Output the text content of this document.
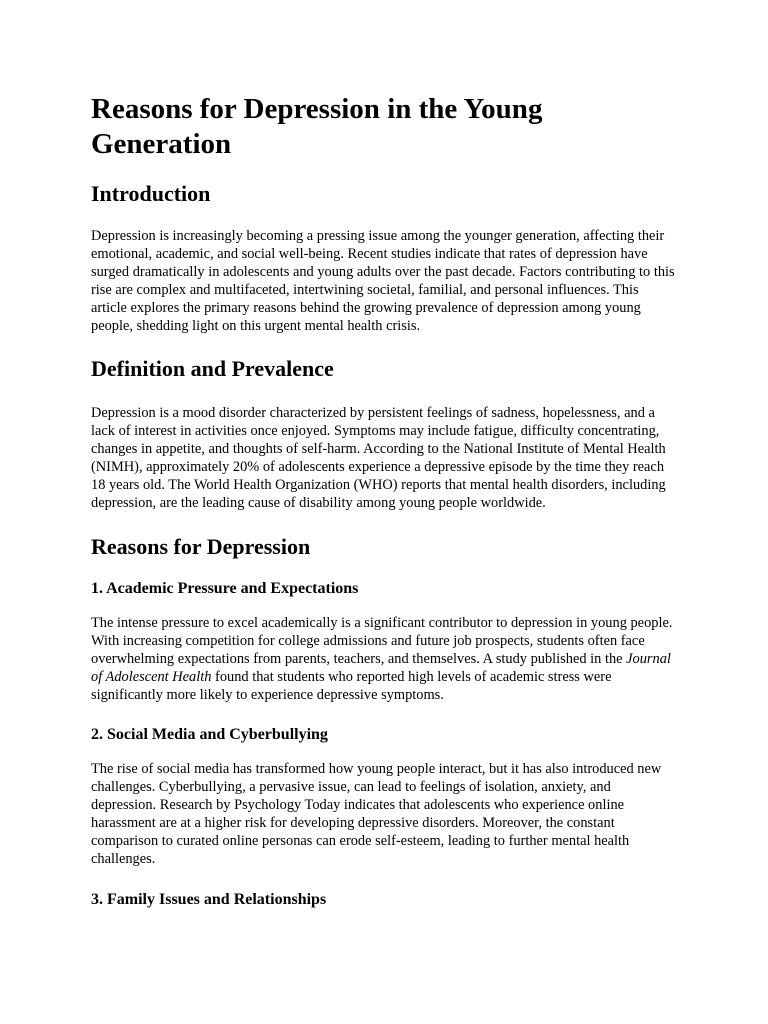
Reasons for Depression in the Young Generation
Introduction

Depression is increasingly becoming a pressing issue among the younger generation, affecting their emotional, academic, and social well-being. Recent studies indicate that rates of depression have surged dramatically in adolescents and young adults over the past decade. Factors contributing to this rise are complex and multifaceted, intertwining societal, familial, and personal influences. This article explores the primary reasons behind the growing prevalence of depression among young people, shedding light on this urgent mental health crisis.

Definition and Prevalence

Depression is a mood disorder characterized by persistent feelings of sadness, hopelessness, and a lack of interest in activities once enjoyed. Symptoms may include fatigue, difficulty concentrating, changes in appetite, and thoughts of self-harm. According to the National Institute of Mental Health (NIMH), approximately 20% of adolescents experience a depressive episode by the time they reach 18 years old. The World Health Organization (WHO) reports that mental health disorders, including depression, are the leading cause of disability among young people worldwide.

Reasons for Depression
1. Academic Pressure and Expectations

The intense pressure to excel academically is a significant contributor to depression in young people. With increasing competition for college admissions and future job prospects, students often face overwhelming expectations from parents, teachers, and themselves. A study published in the Journal of Adolescent Health found that students who reported high levels of academic stress were significantly more likely to experience depressive symptoms.

2. Social Media and Cyberbullying

The rise of social media has transformed how young people interact, but it has also introduced new challenges. Cyberbullying, a pervasive issue, can lead to feelings of isolation, anxiety, and depression. Research by Psychology Today indicates that adolescents who experience online harassment are at a higher risk for developing depressive disorders. Moreover, the constant comparison to curated online personas can erode self-esteem, leading to further mental health challenges.

3. Family Issues and Relationships
